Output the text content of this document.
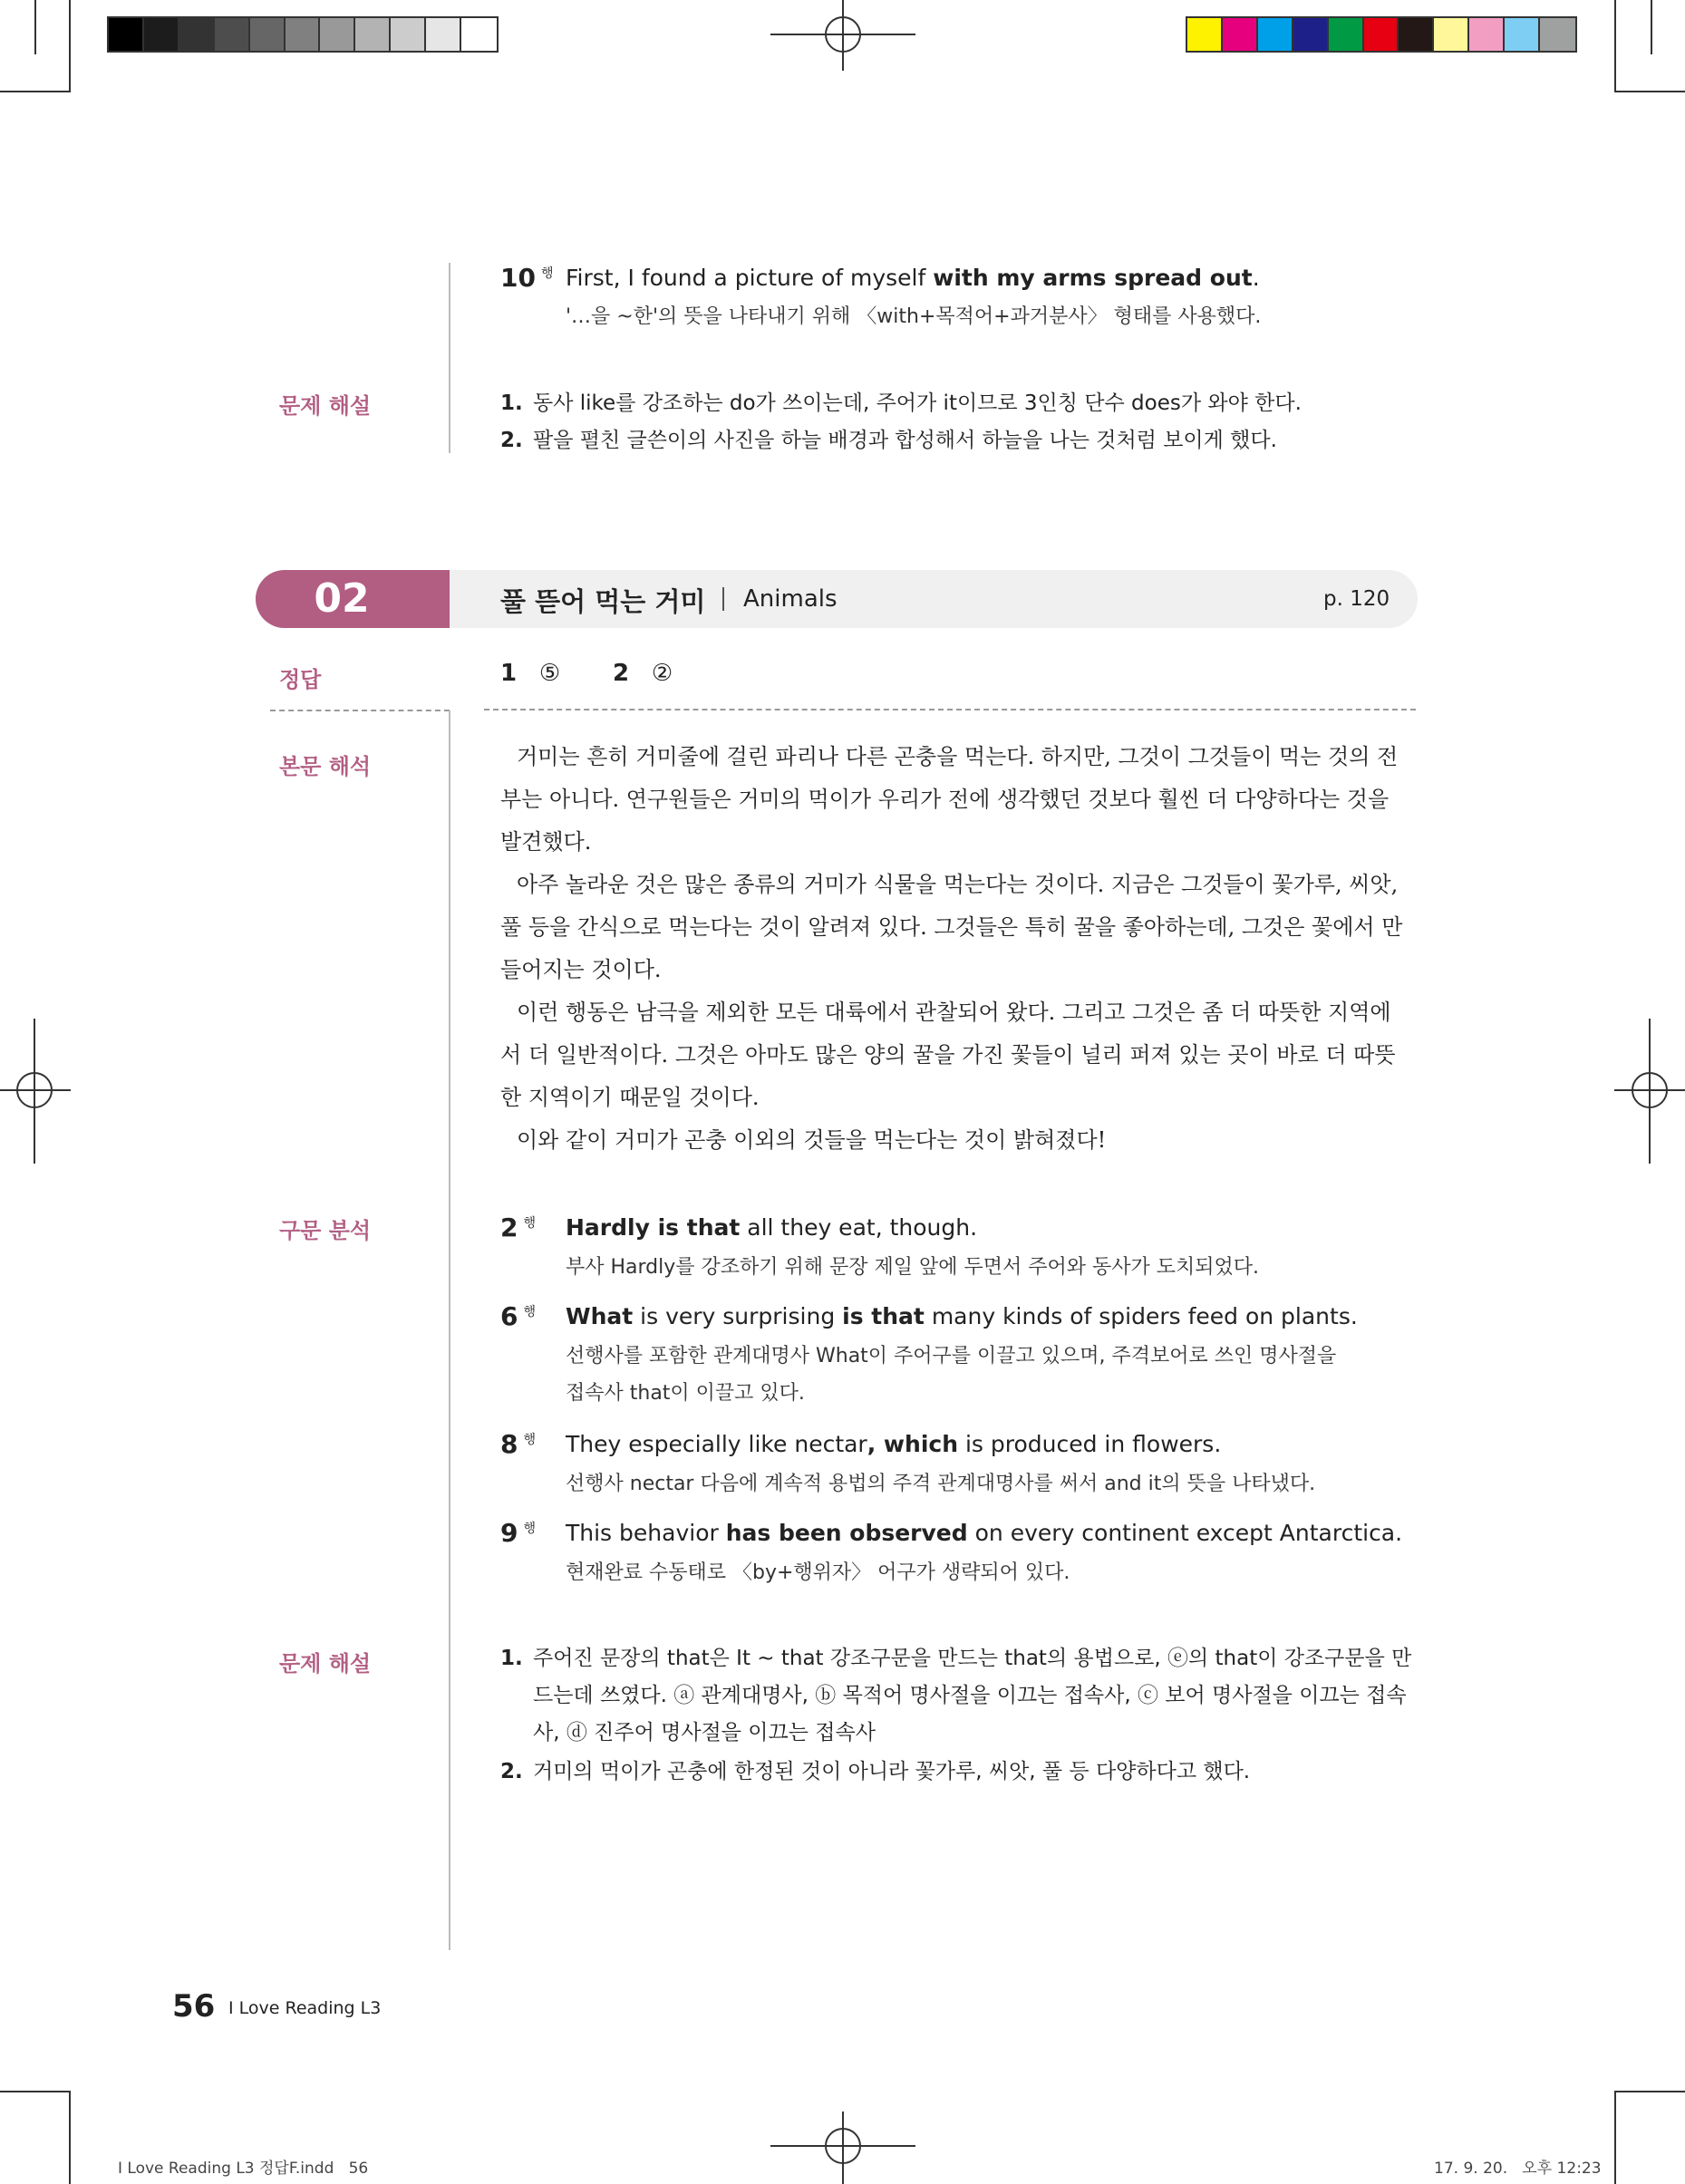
10 $^행$ First, I found a picture of myself with my arms spread out.
'…을 ~한'의 뜻을 나타내기 위해 〈with+목적어+과거분사〉 형태를 사용했다.
문제 해설	1. 동사 like를 강조하는 do가 쓰이는데, 주어가 it이므로 3인칭 단수 does가 와야 한다.
2. 팔을 펼친 글쓴이의 사진을 하늘 배경과 합성해서 하늘을 나는 것처럼 보이게 했다.
02	풀 뜯어 먹는 거미 Animals	p. 120
정답	1 ⑤ 2 ②
본문 해석	거미는 흔히 거미줄에 걸린 파리나 다른 곤충을 먹는다. 하지만, 그것이 그것들이 먹는 것의 전부는 아니다. 연구원들은 거미의 먹이가 우리가 전에 생각했던 것보다 훨씬 더 다양하다는 것을 발견했다.

아주 놀라운 것은 많은 종류의 거미가 식물을 먹는다는 것이다. 지금은 그것들이 꽃가루, 씨앗, 풀 등을 간식으로 먹는다는 것이 알려져 있다. 그것들은 특히 꿀을 좋아하는데, 그것은 꽃에서 만들어지는 것이다.

이런 행동은 남극을 제외한 모든 대륙에서 관찰되어 왔다. 그리고 그것은 좀 더 따뜻한 지역에서 더 일반적이다. 그것은 아마도 많은 양의 꿀을 가진 꽃들이 널리 퍼져 있는 곳이 바로 더 따뜻한 지역이기 때문일 것이다.

이와 같이 거미가 곤충 이외의 것들을 먹는다는 것이 밝혀졌다!

구문 분석	2 $^행$ Hardly is that all they eat, though.
부사 Hardly를 강조하기 위해 문장 제일 앞에 두면서 주어와 동사가 도치되었다.
6 $^행$ What is very surprising is that many kinds of spiders feed on plants.
선행사를 포함한 관계대명사 What이 주어구를 이끌고 있으며, 주격보어로 쓰인 명사절을
접속사 that이 이끌고 있다.
8 $^행$ They especially like nectar, which is produced in flowers.
선행사 nectar 다음에 계속적 용법의 주격 관계대명사를 써서 and it의 뜻을 나타냈다.
9 $^행$ This behavior has been observed on every continent except Antarctica.
현재완료 수동태로 〈by+행위자〉 어구가 생략되어 있다.
문제 해설	1. 주어진 문장의 that은 It ~ that 강조구문을 만드는 that의 용법으로, ⓔ의 that이 강조구문을 만드는데 쓰였다. ⓐ 관계대명사, ⓑ 목적어 명사절을 이끄는 접속사, ⓒ 보어 명사절을 이끄는 접속사, ⓓ 진주어 명사절을 이끄는 접속사
2. 거미의 먹이가 곤충에 한정된 것이 아니라 꽃가루, 씨앗, 풀 등 다양하다고 했다.
56 I Love Reading L3
I Love Reading L3 정답F.indd   56	17. 9. 20.   오후 12:23
